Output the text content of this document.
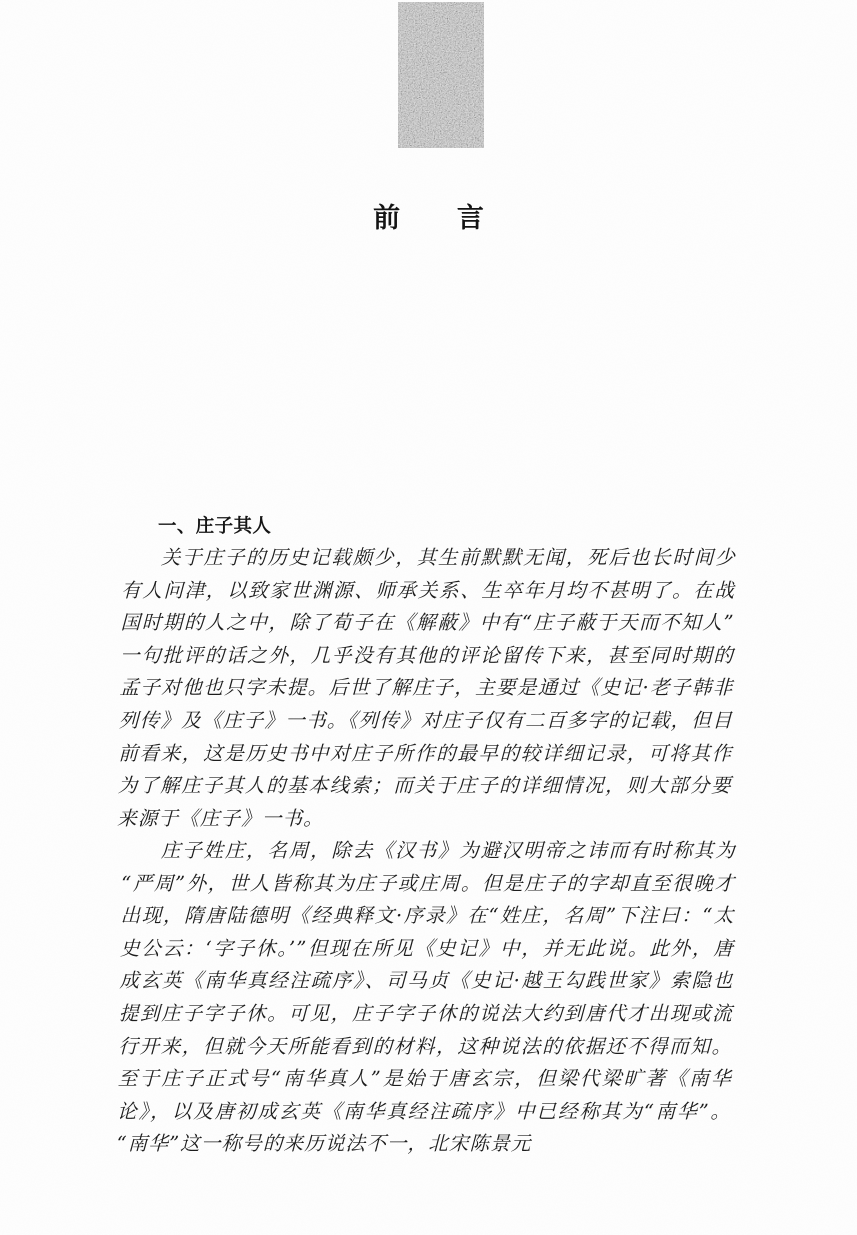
前　言
一、庄子其人

关于庄子的历史记载颇少，其生前默默无闻，死后也长时间少有人问津，以致家世渊源、师承关系、生卒年月均不甚明了。在战国时期的人之中，除了荀子在《解蔽》中有“庄子蔽于天而不知人”一句批评的话之外，几乎没有其他的评论留传下来，甚至同时期的孟子对他也只字未提。后世了解庄子，主要是通过《史记·老子韩非列传》及《庄子》一书。《列传》对庄子仅有二百多字的记载，但目前看来，这是历史书中对庄子所作的最早的较详细记录，可将其作为了解庄子其人的基本线索；而关于庄子的详细情况，则大部分要来源于《庄子》一书。

庄子姓庄，名周，除去《汉书》为避汉明帝之讳而有时称其为“严周”外，世人皆称其为庄子或庄周。但是庄子的字却直至很晚才出现，隋唐陆德明《经典释文·序录》在“姓庄，名周”下注曰：“太史公云：‘字子休。’”但现在所见《史记》中，并无此说。此外，唐成玄英《南华真经注疏序》、司马贞《史记·越王勾践世家》索隐也提到庄子字子休。可见，庄子字子休的说法大约到唐代才出现或流行开来，但就今天所能看到的材料，这种说法的依据还不得而知。至于庄子正式号“南华真人”是始于唐玄宗，但梁代梁旷著《南华论》，以及唐初成玄英《南华真经注疏序》中已经称其为“南华”。“南华”这一称号的来历说法不一，北宋陈景元
